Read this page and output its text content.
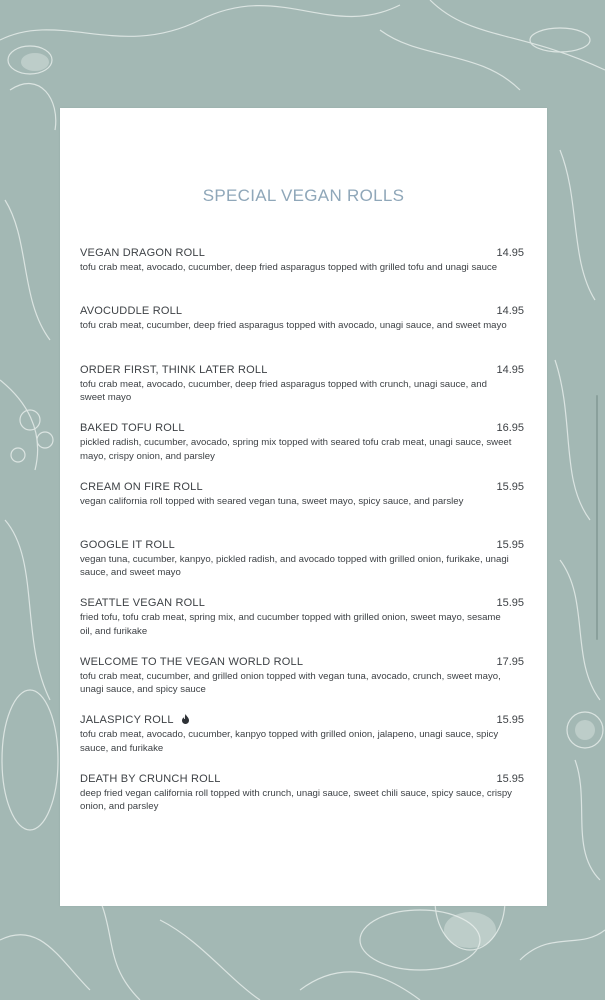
SPECIAL VEGAN ROLLS
VEGAN DRAGON ROLL	14.95
tofu crab meat, avocado, cucumber, deep fried asparagus topped with grilled tofu and unagi sauce
AVOCUDDLE ROLL	14.95
tofu crab meat, cucumber, deep fried asparagus topped with avocado, unagi sauce, and sweet mayo
ORDER FIRST, THINK LATER ROLL	14.95
tofu crab meat, avocado, cucumber, deep fried asparagus topped with crunch, unagi sauce, and sweet mayo
BAKED TOFU ROLL	16.95
pickled radish, cucumber, avocado, spring mix topped with seared tofu crab meat, unagi sauce, sweet mayo, crispy onion, and parsley
CREAM ON FIRE ROLL	15.95
vegan california roll topped with seared vegan tuna, sweet mayo, spicy sauce, and parsley
GOOGLE IT ROLL	15.95
vegan tuna, cucumber, kanpyo, pickled radish, and avocado topped with grilled onion, furikake, unagi sauce, and sweet mayo
SEATTLE VEGAN ROLL	15.95
fried tofu, tofu crab meat, spring mix, and cucumber topped with grilled onion, sweet mayo, sesame oil, and furikake
WELCOME TO THE VEGAN WORLD ROLL	17.95
tofu crab meat, cucumber, and grilled onion topped with vegan tuna, avocado, crunch, sweet mayo, unagi sauce, and spicy sauce
JALASPICY ROLL	15.95
tofu crab meat, avocado, cucumber, kanpyo topped with grilled onion, jalapeno, unagi sauce, spicy sauce, and furikake
DEATH BY CRUNCH ROLL	15.95
deep fried vegan california roll topped with crunch, unagi sauce, sweet chili sauce, spicy sauce, crispy onion, and parsley
